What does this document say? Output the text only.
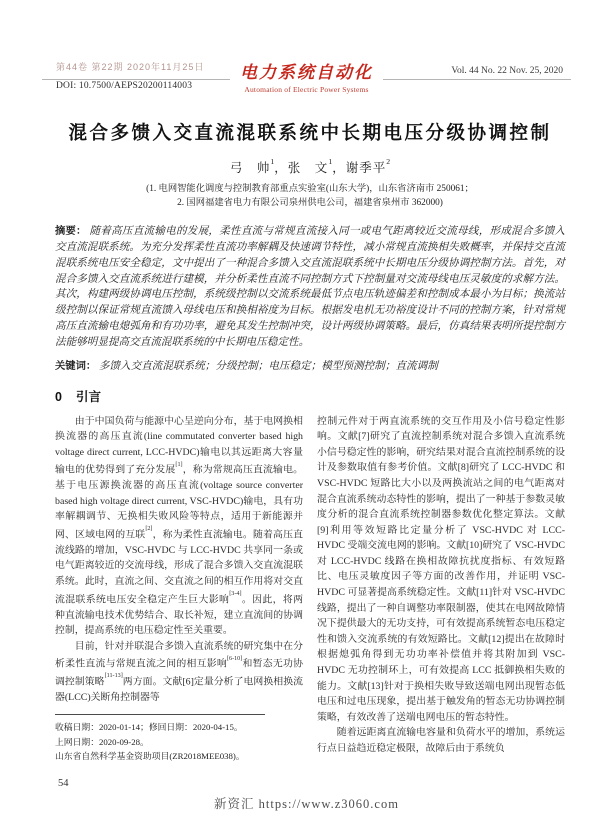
第44卷 第22期 2020年11月25日
DOI: 10.7500/AEPS20200114003
电力系统自动化
Automation of Electric Power Systems
Vol. 44 No. 22 Nov. 25, 2020
混合多馈入交直流混联系统中长期电压分级协调控制
弓　帅$^1$，张　文$^1$，谢季平$^2$
(1. 电网智能化调度与控制教育部重点实验室(山东大学)，山东省济南市 250061；
2. 国网福建省电力有限公司泉州供电公司，福建省泉州市 362000)
摘要： 随着高压直流输电的发展，柔性直流与常规直流接入同一或电气距离较近交流母线，形成混合多馈入交直流混联系统。为充分发挥柔性直流功率解耦及快速调节特性，减小常规直流换相失败概率，并保持交直流混联系统电压安全稳定，文中提出了一种混合多馈入交直流混联系统中长期电压分级协调控制方法。首先，对混合多馈入交直流系统进行建模，并分析柔性直流不同控制方式下控制量对交流母线电压灵敏度的求解方法。其次，构建两级协调电压控制，系统级控制以交流系统最低节点电压轨迹偏差和控制成本最小为目标；换流站级控制以保证常规直流馈入母线电压和换相裕度为目标。根据发电机无功裕度设计不同的控制方案，针对常规高压直流输电熄弧角和有功功率，避免其发生控制冲突，设计两级协调策略。最后，仿真结果表明所提控制方法能够明显提高交直流混联系统的中长期电压稳定性。
关键词： 多馈入交直流混联系统；分级控制；电压稳定；模型预测控制；直流调制
0 引言

由于中国负荷与能源中心呈逆向分布，基于电网换相换流器的高压直流(line commutated converter based high voltage direct current, LCC-HVDC)输电以其远距离大容量输电的优势得到了充分发展[1]，称为常规高压直流输电。基于电压源换流器的高压直流(voltage source converter based high voltage direct current, VSC-HVDC)输电，具有功率解耦调节、无换相失败风险等特点，适用于新能源并网、区域电网的互联[2]，称为柔性直流输电。随着高压直流线路的增加，VSC-HVDC 与 LCC-HVDC 共享同一条或电气距离较近的交流母线，形成了混合多馈入交直流混联系统。此时，直流之间、交直流之间的相互作用将对交直流混联系统电压安全稳定产生巨大影响[3-4]。因此，将两种直流输电技术优势结合、取长补短，建立直流间的协调控制，提高系统的电压稳定性至关重要。

目前，针对并联混合多馈入直流系统的研究集中在分析柔性直流与常规直流之间的相互影响[6-10]和暂态无功协调控制策略[11-13]两方面。文献[6]定量分析了电网换相换流器(LCC)关断角控制器等

收稿日期：2020-01-14；修回日期：2020-04-15。
上网日期：2020-09-28。
山东省自然科学基金资助项目(ZR2018MEE038)。

控制元件对于两直流系统的交互作用及小信号稳定性影响。文献[7]研究了直流控制系统对混合多馈入直流系统小信号稳定性的影响，研究结果对混合直流控制系统的设计及参数取值有参考价值。文献[8]研究了 LCC-HVDC 和 VSC-HVDC 短路比大小以及两换流站之间的电气距离对混合直流系统动态特性的影响，提出了一种基于参数灵敏度分析的混合直流系统控制器参数优化整定算法。文献[9]利用等效短路比定量分析了 VSC-HVDC 对 LCC-HVDC 受端交流电网的影响。文献[10]研究了 VSC-HVDC 对 LCC-HVDC 线路在换相故障抗扰度指标、有效短路比、电压灵敏度因子等方面的改善作用，并证明 VSC-HVDC 可显著提高系统稳定性。文献[11]针对 VSC-HVDC 线路，提出了一种自调整功率限制器，使其在电网故障情况下提供最大的无功支持，可有效提高系统暂态电压稳定性和馈入交流系统的有效短路比。文献[12]提出在故障时根据熄弧角得到无功功率补偿值并将其附加到 VSC-HVDC 无功控制环上，可有效提高 LCC 抵御换相失败的能力。文献[13]针对于换相失败导致送端电网出现暂态低电压和过电压现象，提出基于触发角的暂态无功协调控制策略，有效改善了送端电网电压的暂态特性。

随着远距离直流输电容量和负荷水平的增加，系统运行点日益趋近稳定极限，故障后由于系统负

54
新资汇 https://www.z3060.com
